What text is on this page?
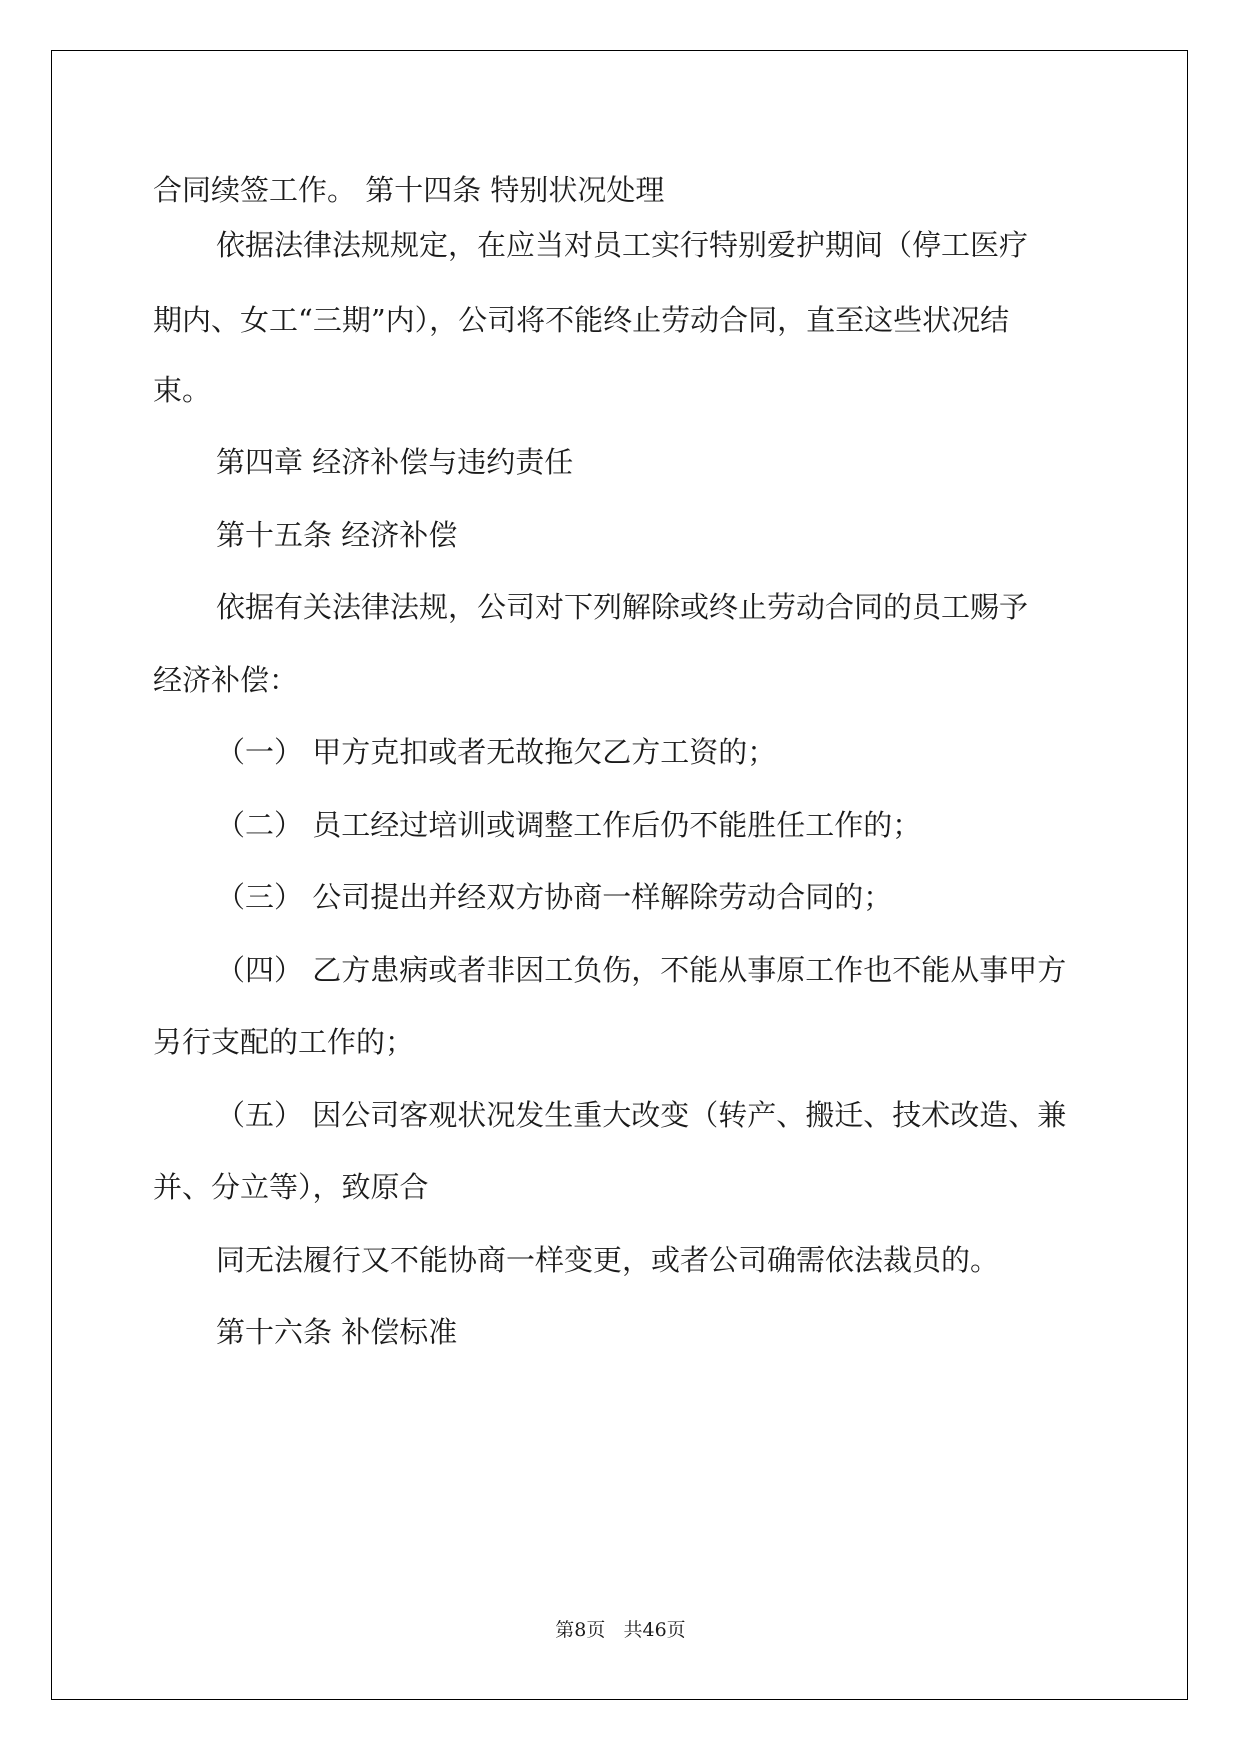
合同续签工作。 第十四条 特别状况处理

依据法律法规规定，在应当对员工实行特别爱护期间（停工医疗

期内、女工“三期”内），公司将不能终止劳动合同，直至这些状况结

束。

第四章 经济补偿与违约责任

第十五条 经济补偿

依据有关法律法规，公司对下列解除或终止劳动合同的员工赐予

经济补偿：

（一） 甲方克扣或者无故拖欠乙方工资的；

（二） 员工经过培训或调整工作后仍不能胜任工作的；

（三） 公司提出并经双方协商一样解除劳动合同的；

（四） 乙方患病或者非因工负伤，不能从事原工作也不能从事甲方

另行支配的工作的；

（五） 因公司客观状况发生重大改变（转产、搬迁、技术改造、兼

并、分立等），致原合

同无法履行又不能协商一样变更，或者公司确需依法裁员的。

第十六条 补偿标准

第8页   共46页
